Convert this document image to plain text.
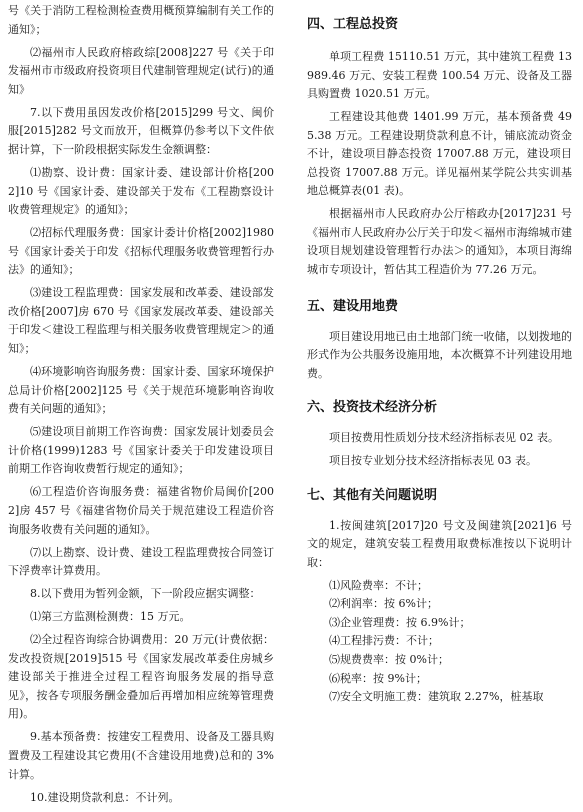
号《关于消防工程检测检查费用概预算编制有关工作的通知》；

⑵福州市人民政府榕政综[2008]227 号《关于印发福州市市级政府投资项目代建制管理规定(试行)的通知》

7.以下费用虽因发改价格[2015]299 号文、闽价服[2015]282 号文而放开，但概算仍参考以下文件依据计算，下一阶段根据实际发生金额调整：

⑴勘察、设计费：国家计委、建设部计价格[2002]10 号《国家计委、建设部关于发布《工程勘察设计收费管理规定》的通知》；

⑵招标代理服务费：国家计委计价格[2002]1980 号《国家计委关于印发《招标代理服务收费管理暂行办法》的通知》；

⑶建设工程监理费：国家发展和改革委、建设部发改价格[2007]房 670 号《国家发展改革委、建设部关于印发＜建设工程监理与相关服务收费管理规定＞的通知》；

⑷环境影响咨询服务费：国家计委、国家环境保护总局计价格[2002]125 号《关于规范环境影响咨询收费有关问题的通知》；

⑸建设项目前期工作咨询费：国家发展计划委员会计价格(1999)1283 号《国家计委关于印发建设项目前期工作咨询收费暂行规定的通知》；

⑹工程造价咨询服务费：福建省物价局闽价[2002]房 457 号《福建省物价局关于规范建设工程造价咨询服务收费有关问题的通知》。

⑺以上勘察、设计费、建设工程监理费按合同签订下浮费率计算费用。

8.以下费用为暂列金额，下一阶段应据实调整：

⑴第三方监测检测费：15 万元。

⑵全过程咨询综合协调费用：20 万元(计费依据：发改投资规[2019]515 号《国家发展改革委住房城乡建设部关于推进全过程工程咨询服务发展的指导意见》，按各专项服务酬金叠加后再增加相应统筹管理费用)。

9.基本预备费：按建安工程费用、设备及工器具购置费及工程建设其它费用(不含建设用地费)总和的 3%计算。

10.建设期贷款利息：不计列。

四、工程总投资

单项工程费 15110.51 万元，其中建筑工程费 13989.46 万元、安装工程费 100.54 万元、设备及工器具购置费 1020.51 万元。

工程建设其他费 1401.99 万元，基本预备费 495.38 万元。工程建设期贷款利息不计，铺底流动资金不计，建设项目静态投资 17007.88 万元，建设项目总投资 17007.88 万元。详见福州某学院公共实训基地总概算表(01 表)。

根据福州市人民政府办公厅榕政办[2017]231 号《福州市人民政府办公厅关于印发＜福州市海绵城市建设项目规划建设管理暂行办法＞的通知》，本项目海绵城市专项设计，暂估其工程造价为 77.26 万元。

五、建设用地费

项目建设用地已由土地部门统一收储，以划拨地的形式作为公共服务设施用地，本次概算不计列建设用地费。

六、投资技术经济分析

项目按费用性质划分技术经济指标表见 02 表。

项目按专业划分技术经济指标表见 03 表。

七、其他有关问题说明

1.按闽建筑[2017]20 号文及闽建筑[2021]6 号文的规定，建筑安装工程费用取费标准按以下说明计取：

⑴风险费率：不计；

⑵利润率：按 6%计；

⑶企业管理费：按 6.9%计；

⑷工程排污费：不计；

⑸规费费率：按 0%计；

⑹税率：按 9%计；

⑺安全文明施工费：建筑取 2.27%，桩基取
